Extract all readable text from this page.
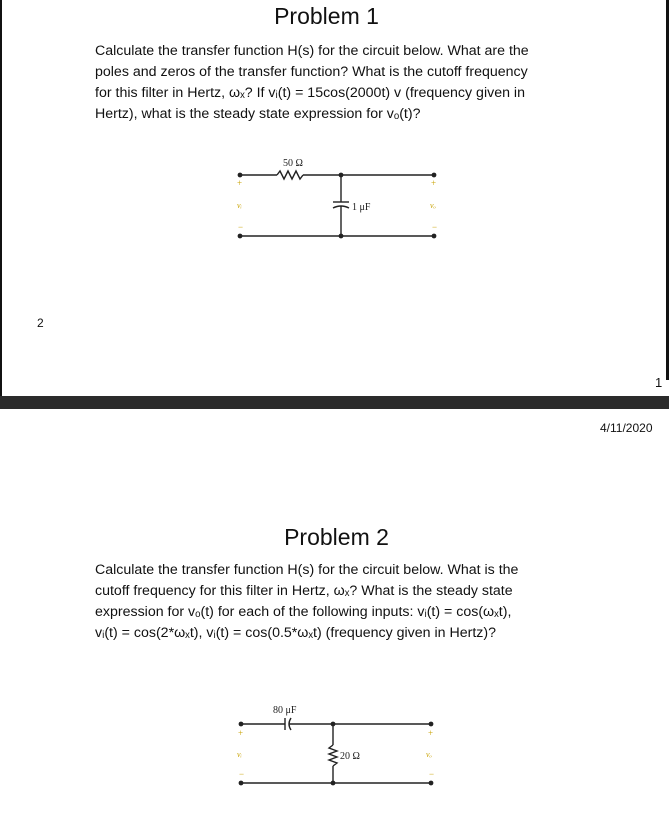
Problem 1
Calculate the transfer function H(s) for the circuit below. What are the
poles and zeros of the transfer function? What is the cutoff frequency
for this filter in Hertz, ωₓ? If vᵢ(t) = 15cos(2000t) v (frequency given in
Hertz), what is the steady state expression for vₒ(t)?
50 Ω
1 μF
+
vᵢ
−
+
vₒ
−
2
1
4/11/2020
Problem 2
Calculate the transfer function H(s) for the circuit below. What is the
cutoff frequency for this filter in Hertz, ωₓ? What is the steady state
expression for vₒ(t) for each of the following inputs: vᵢ(t) = cos(ωₓt),
vᵢ(t) = cos(2*ωₓt), vᵢ(t) = cos(0.5*ωₓt) (frequency given in Hertz)?
80 μF
20 Ω
+
vᵢ
−
+
vₒ
−
